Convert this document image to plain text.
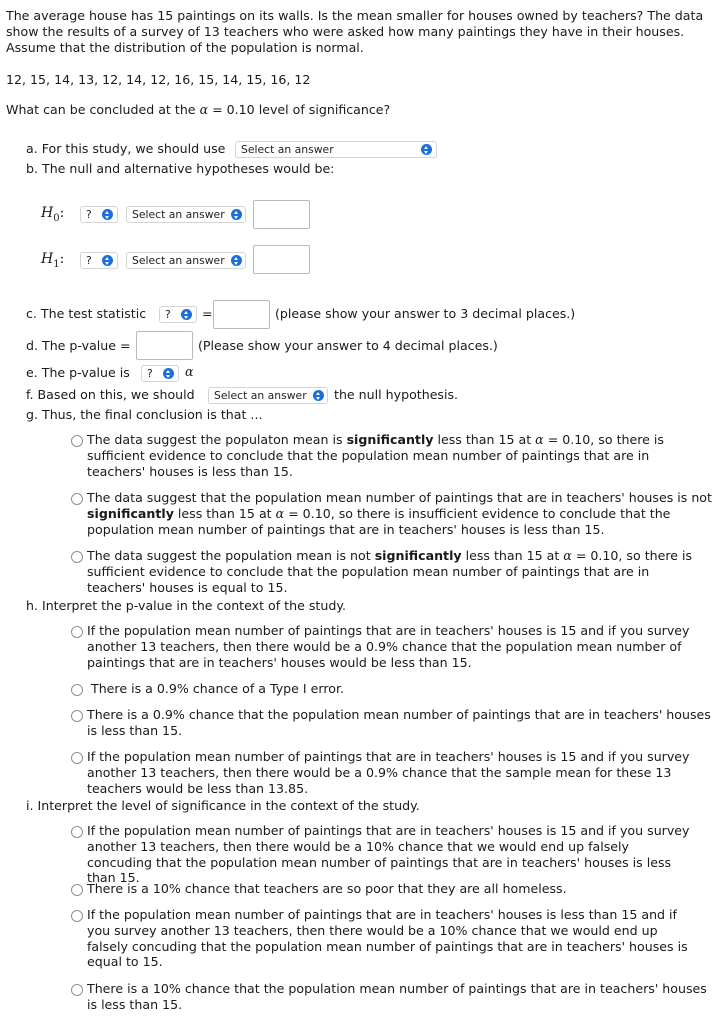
The average house has 15 paintings on its walls. Is the mean smaller for houses owned by teachers? The data show the results of a survey of 13 teachers who were asked how many paintings they have in their houses. Assume that the distribution of the population is normal.
12, 15, 14, 13, 12, 14, 12, 16, 15, 14, 15, 16, 12
What can be concluded at the α = 0.10 level of significance?
a. For this study, we should use Select an answer
b. The null and alternative hypotheses would be:
$H_0$: ?	Select an answer
$H_1$: ?	Select an answer
c. The test statistic ? =	(please show your answer to 3 decimal places.)
d. The p-value =	(Please show your answer to 4 decimal places.)
e. The p-value is ?	α
f. Based on this, we should Select an answer the null hypothesis.
g. Thus, the final conclusion is that ...
The data suggest the populaton mean is significantly less than 15 at α = 0.10, so there is sufficient evidence to conclude that the population mean number of paintings that are in teachers' houses is less than 15.
The data suggest that the population mean number of paintings that are in teachers' houses is not significantly less than 15 at α = 0.10, so there is insufficient evidence to conclude that the population mean number of paintings that are in teachers' houses is less than 15.
The data suggest the population mean is not significantly less than 15 at α = 0.10, so there is sufficient evidence to conclude that the population mean number of paintings that are in teachers' houses is equal to 15.
h. Interpret the p-value in the context of the study.
If the population mean number of paintings that are in teachers' houses is 15 and if you survey another 13 teachers, then there would be a 0.9% chance that the population mean number of paintings that are in teachers' houses would be less than 15.
There is a 0.9% chance of a Type I error.
There is a 0.9% chance that the population mean number of paintings that are in teachers' houses is less than 15.
If the population mean number of paintings that are in teachers' houses is 15 and if you survey another 13 teachers, then there would be a 0.9% chance that the sample mean for these 13 teachers would be less than 13.85.
i. Interpret the level of significance in the context of the study.
If the population mean number of paintings that are in teachers' houses is 15 and if you survey another 13 teachers, then there would be a 10% chance that we would end up falsely concuding that the population mean number of paintings that are in teachers' houses is less than 15.
There is a 10% chance that teachers are so poor that they are all homeless.
If the population mean number of paintings that are in teachers' houses is less than 15 and if you survey another 13 teachers, then there would be a 10% chance that we would end up falsely concuding that the population mean number of paintings that are in teachers' houses is equal to 15.
There is a 10% chance that the population mean number of paintings that are in teachers' houses is less than 15.
